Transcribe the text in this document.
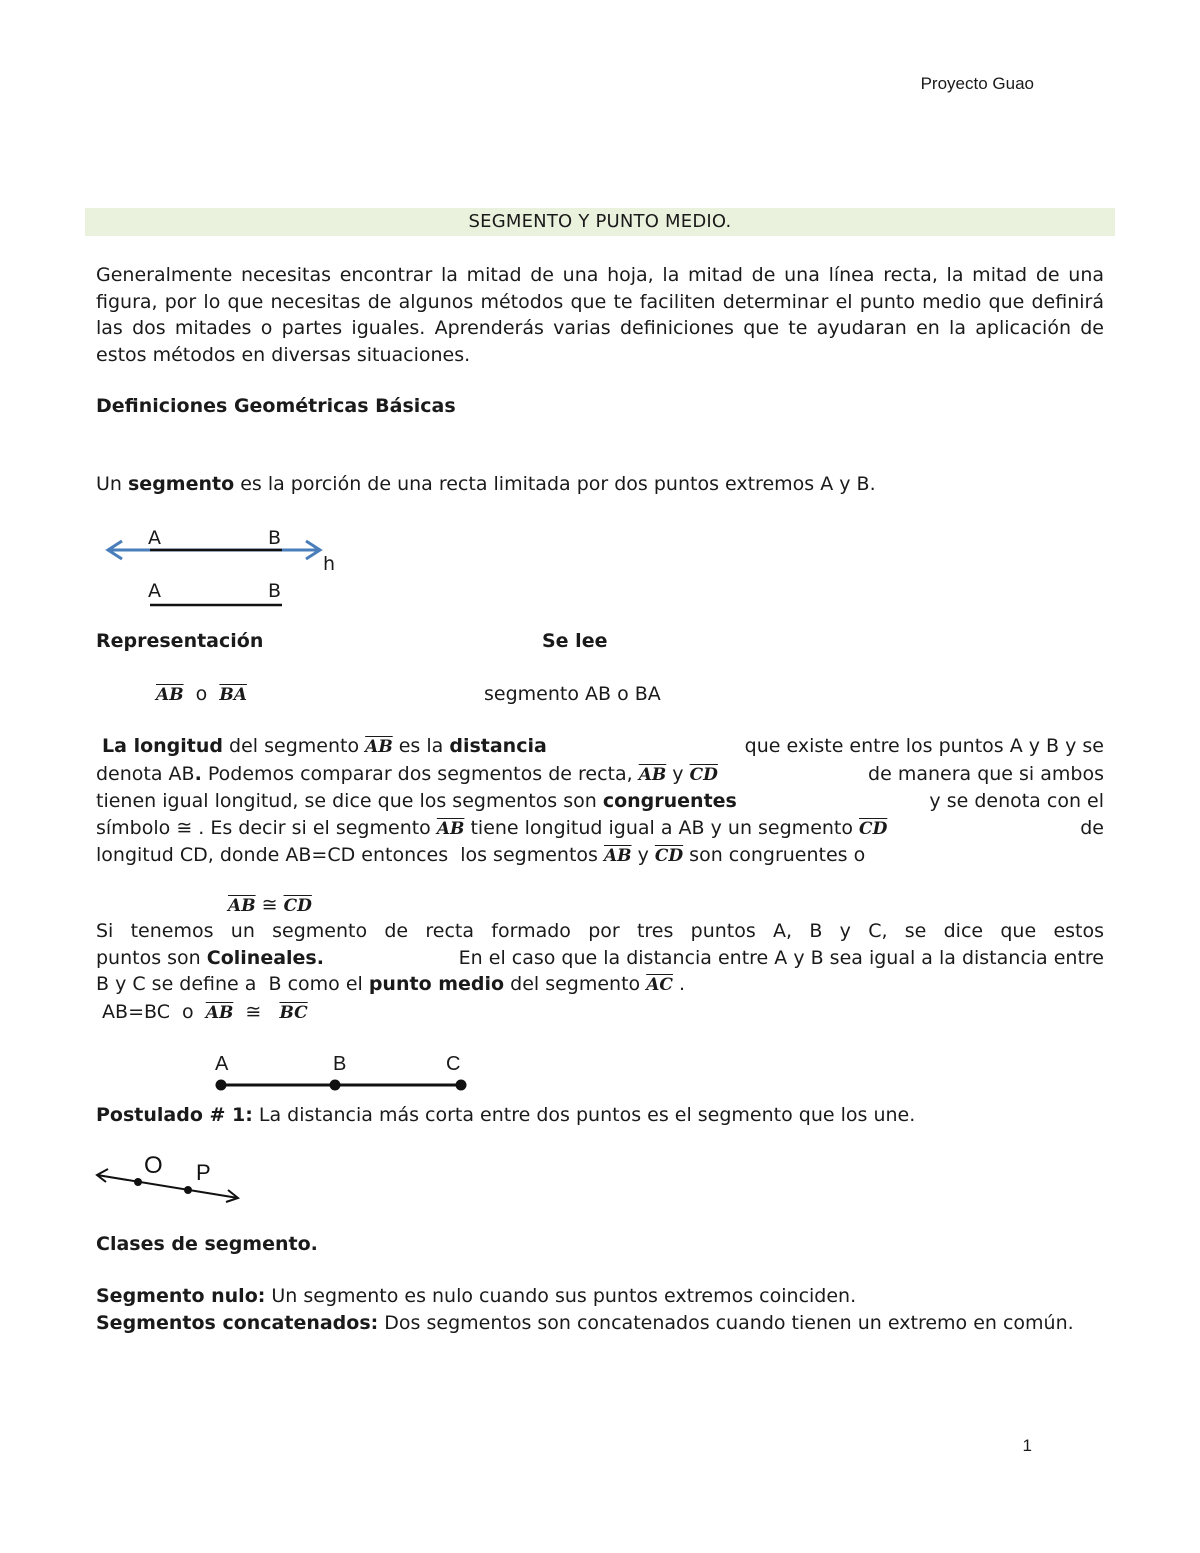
Proyecto Guao
SEGMENTO Y PUNTO MEDIO.
Generalmente necesitas encontrar la mitad de una hoja, la mitad de una línea recta, la mitad de una figura, por lo que necesitas de algunos métodos que te faciliten determinar el punto medio que definirá las dos mitades o partes iguales. Aprenderás varias definiciones que te ayudaran en la aplicación de estos métodos en diversas situaciones.
Definiciones Geométricas Básicas
Un segmento es la porción de una recta limitada por dos puntos extremos A y B.
A	B
h
A	B
Representación	Se lee
$\overline{AB}$ o $\overline{BA}$	segmento AB o BA
La longitud del segmento $\overline{AB}$ es la distancia	que existe entre los puntos A y B y se
denota AB. Podemos comparar dos segmentos de recta, $\overline{AB}$ y $\overline{CD}$	de manera que si ambos
tienen igual longitud, se dice que los segmentos son congruentes	y se denota con el
símbolo ≅ . Es decir si el segmento $\overline{AB}$ tiene longitud igual a AB y un segmento $\overline{CD}$	de
longitud CD, donde AB=CD entonces  los segmentos $\overline{AB}$ y $\overline{CD}$ son congruentes o
$\overline{AB}$ ≅ $\overline{CD}$
Si tenemos un segmento de recta formado por tres puntos A, B y C, se dice que estos
puntos son Colineales.	En el caso que la distancia entre A y B sea igual a la distancia entre
B y C se define a  B como el punto medio del segmento $\overline{AC}$ .
AB=BC  o  $\overline{AB}$ ≅ $\overline{BC}$
A	B	C
Postulado # 1: La distancia más corta entre dos puntos es el segmento que los une.
O P
Clases de segmento.
Segmento nulo: Un segmento es nulo cuando sus puntos extremos coinciden.
Segmentos concatenados: Dos segmentos son concatenados cuando tienen un extremo en común.
1
